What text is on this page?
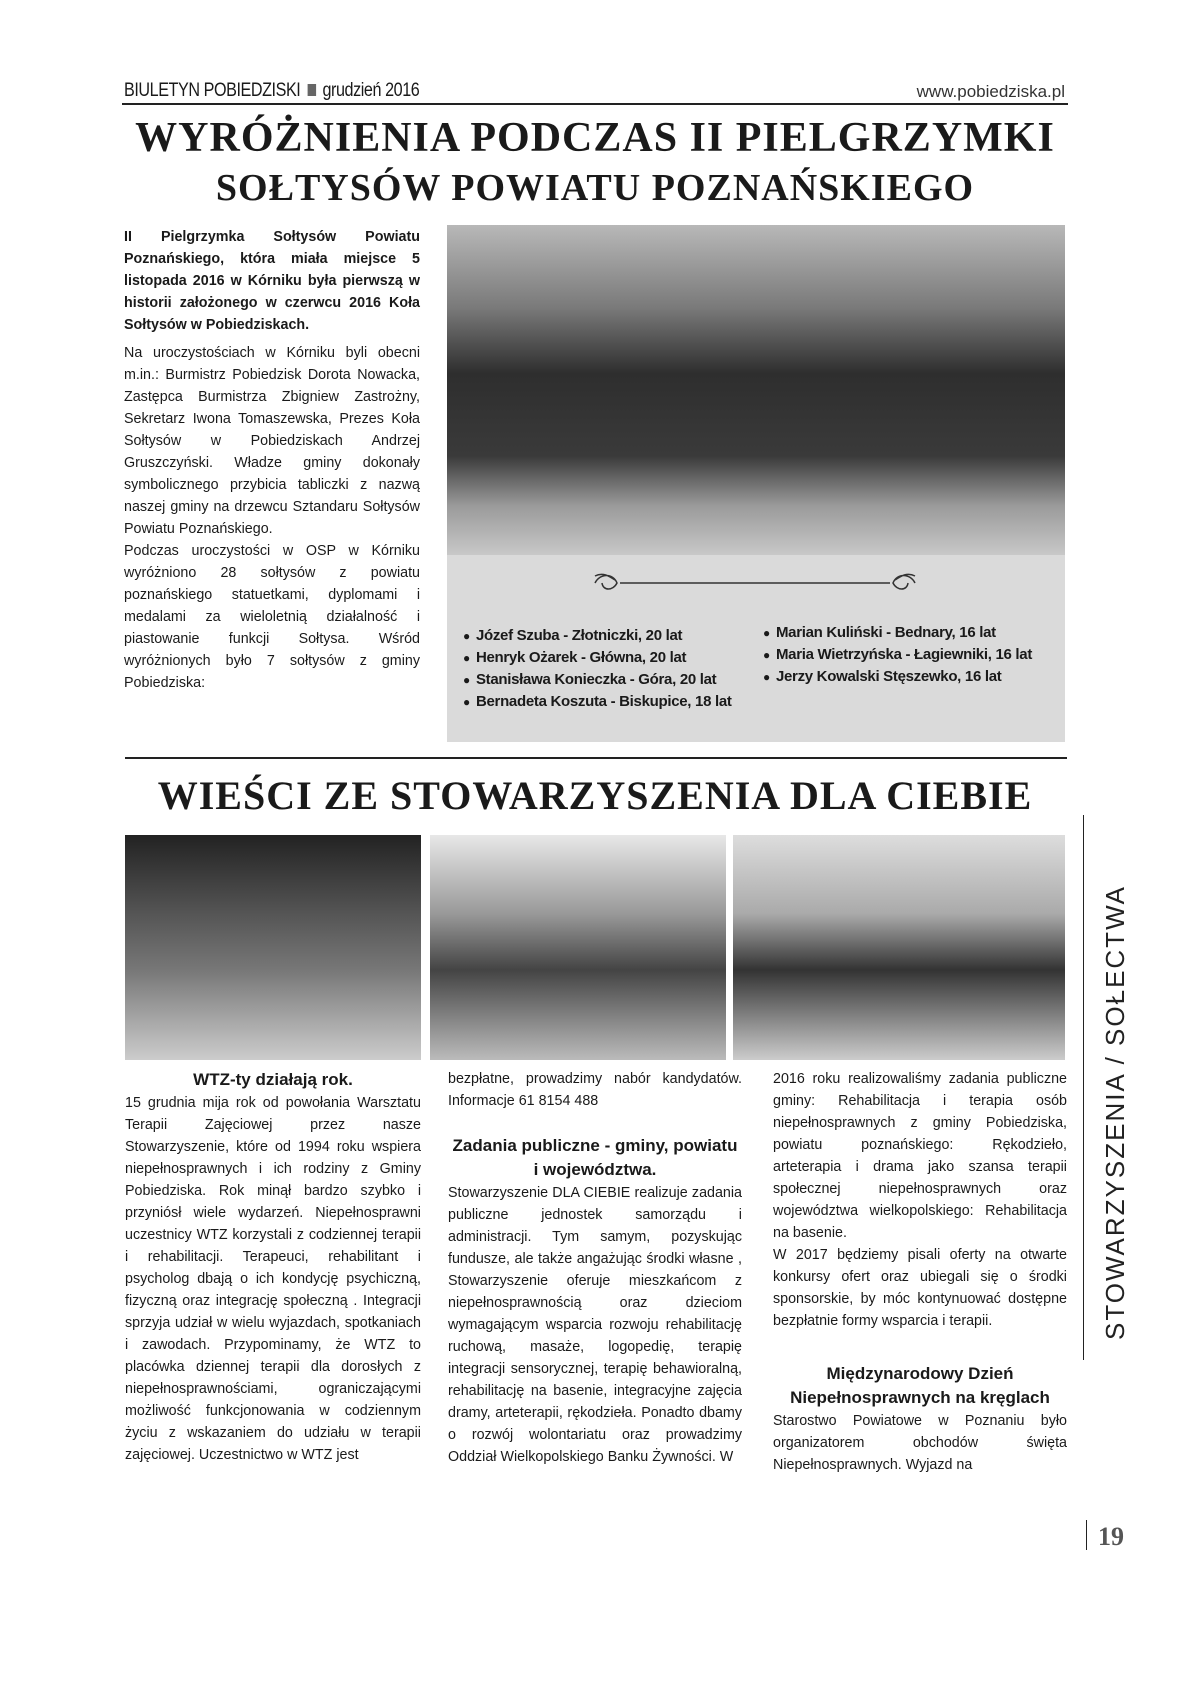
BIULETYN POBIEDZISKI grudzień 2016	www.pobiedziska.pl
WYRÓŻNIENIA PODCZAS II PIELGRZYMKI
SOŁTYSÓW POWIATU POZNAŃSKIEGO

II Pielgrzymka Sołtysów Powiatu Poznańskiego, która miała miejsce 5 listopada 2016 w Kórniku była pierwszą w historii założonego w czerwcu 2016 Koła Sołtysów w Pobiedziskach.

Na uroczystościach w Kórniku byli obecni m.in.: Burmistrz Pobiedzisk Dorota Nowacka, Zastępca Burmistrza Zbigniew Zastrożny, Sekretarz Iwona Tomaszewska, Prezes Koła Sołtysów w Pobiedziskach Andrzej Gruszczyński. Władze gminy dokonały symbolicznego przybicia tabliczki z nazwą naszej gminy na drzewcu Sztandaru Sołtysów Powiatu Poznańskiego.

Podczas uroczystości w OSP w Kórniku wyróżniono 28 sołtysów z powiatu poznańskiego statuetkami, dyplomami i medalami za wieloletnią działalność i piastowanie funkcji Sołtysa. Wśród wyróżnionych było 7 sołtysów z gminy Pobiedziska:

● Józef Szuba - Złotniczki, 20 lat
● Henryk Ożarek - Główna, 20 lat
● Stanisława Konieczka - Góra, 20 lat
● Bernadeta Koszuta - Biskupice, 18 lat
● Marian Kuliński - Bednary, 16 lat
● Maria Wietrzyńska - Łagiewniki, 16 lat
● Jerzy Kowalski Stęszewko, 16 lat
WIEŚCI ZE STOWARZYSZENIA DLA CIEBIE
WTZ-ty działają rok.

15 grudnia mija rok od powołania Warsztatu Terapii Zajęciowej przez nasze Stowarzyszenie, które od 1994 roku wspiera niepełnosprawnych i ich rodziny z Gminy Pobiedziska. Rok minął bardzo szybko i przyniósł wiele wydarzeń. Niepełnosprawni uczestnicy WTZ korzystali z codziennej terapii i rehabilitacji. Terapeuci, rehabilitant i psycholog dbają o ich kondycję psychiczną, fizyczną oraz integrację społeczną . Integracji sprzyja udział w wielu wyjazdach, spotkaniach i zawodach. Przypominamy, że WTZ to placówka dziennej terapii dla dorosłych z niepełnosprawnościami, ograniczającymi możliwość funkcjonowania w codziennym życiu z wskazaniem do udziału w terapii zajęciowej. Uczestnictwo w WTZ jest

bezpłatne, prowadzimy nabór kandydatów. Informacje 61 8154 488

Zadania publiczne - gminy, powiatu i województwa.

Stowarzyszenie DLA CIEBIE realizuje zadania publiczne jednostek samorządu i administracji. Tym samym, pozyskując fundusze, ale także angażując środki własne , Stowarzyszenie oferuje mieszkańcom z niepełnosprawnością oraz dzieciom wymagającym wsparcia rozwoju rehabilitację ruchową, masaże, logopedię, terapię integracji sensorycznej, terapię behawioralną, rehabilitację na basenie, integracyjne zajęcia dramy, arteterapii, rękodzieła. Ponadto dbamy o rozwój wolontariatu oraz prowadzimy Oddział Wielkopolskiego Banku Żywności. W

2016 roku realizowaliśmy zadania publiczne gminy: Rehabilitacja i terapia osób niepełnosprawnych z gminy Pobiedziska, powiatu poznańskiego: Rękodzieło, arteterapia i drama jako szansa terapii społecznej niepełnosprawnych oraz województwa wielkopolskiego: Rehabilitacja na basenie.

W 2017 będziemy pisali oferty na otwarte konkursy ofert oraz ubiegali się o środki sponsorskie, by móc kontynuować dostępne bezpłatnie formy wsparcia i terapii.

Międzynarodowy Dzień Niepełnosprawnych na kręglach

Starostwo Powiatowe w Poznaniu było organizatorem obchodów święta Niepełnosprawnych. Wyjazd na

STOWARZYSZENIA / SOŁECTWA
19
